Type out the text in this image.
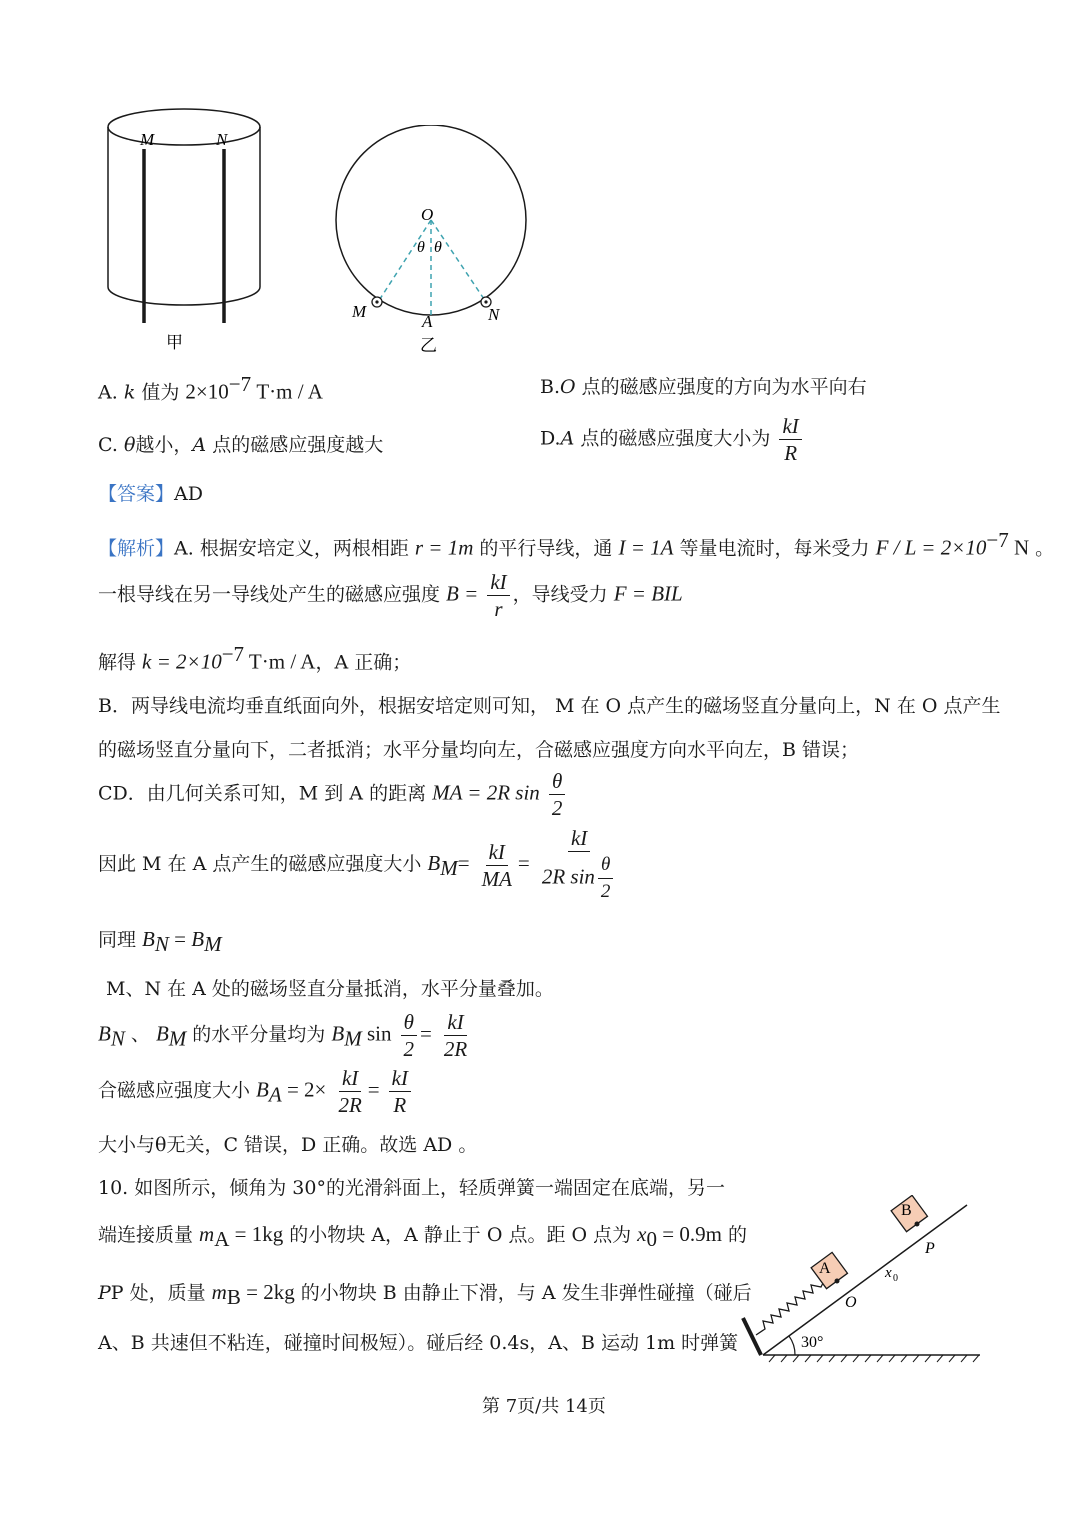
M	N
甲
O
θ θ
M	N
A
乙
A. k 值为 $2\times 10^{-7}$ T·m / A	B.O 点的磁感应强度的方向为水平向右
C. θ越小，A 点的磁感应强度越大	D.A 点的磁感应强度大小为 $\frac{kI}{R}$
【答案】AD
【解析】A. 根据安培定义，两根相距 r = 1m 的平行导线，通 I = 1A 等量电流时，每米受力 $F / L = 2\times 10^{-7}$ N 。
一根导线在另一导线处产生的磁感应强度 $B = \frac{kI}{r}$ ，导线受力 F = BIL
解得 $k = 2\times 10^{-7}$ T·m / A，A 正确；
B．两导线电流均垂直纸面向外，根据安培定则可知， M 在 O 点产生的磁场竖直分量向上，N 在 O 点产生
的磁场竖直分量向下，二者抵消；水平分量均向左，合磁感应强度方向水平向左，B 错误；
CD．由几何关系可知，M 到 A 的距离 MA = 2R $\sin \frac{\theta}{2}$
因此 M 在 A 点产生的磁感应强度大小 $B_M= \frac{kI}{MA} = \frac{kI}{2R \sin \frac{\theta}{2}}$
同理 $B_N = B_M$
M、N 在 A 处的磁场竖直分量抵消，水平分量叠加。
$B_N$ 、 $B_M$ 的水平分量均为 $B_M$ $\sin \frac{\theta}{2} = \frac{kI}{2R}$
合磁感应强度大小 $B_A = 2\times \frac{kI}{2R} = \frac{kI}{R}$
大小与θ无关，C 错误，D 正确。故选 AD 。
10. 如图所示，倾角为 30°的光滑斜面上，轻质弹簧一端固定在底端，另一
端连接质量 $m_A = 1kg$ 的小物块 A，A 静止于 O 点。距 O 点为 $x_0 = 0.9m$ 的
PP 处，质量 $m_B = 2kg$ 的小物块 B 由静止下滑，与 A 发生非弹性碰撞（碰后
A、B 共速但不粘连，碰撞时间极短）。碰后经 0.4s，A、B 运动 1m 时弹簧
A
O
B
P
x 0
30°
第 7页/共 14页
